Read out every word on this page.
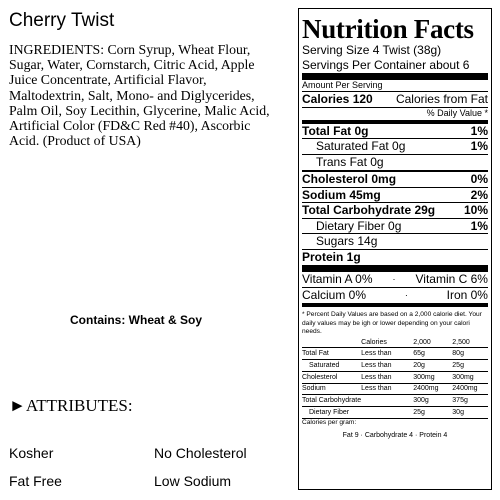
Cherry Twist

INGREDIENTS: Corn Syrup, Wheat Flour, Sugar, Water, Cornstarch, Citric Acid, Apple Juice Concentrate, Artificial Flavor, Maltodextrin, Salt, Mono- and Diglycerides, Palm Oil, Soy Lecithin, Glycerine, Malic Acid, Artificial Color (FD&C Red #40), Ascorbic Acid. (Product of USA)

Contains: Wheat & Soy
►ATTRIBUTES:
Kosher	No Cholesterol
Fat Free	Low Sodium
Nutrition Facts
Serving Size 4 Twist (38g)
Servings Per Container about 6
Amount Per Serving
Calories 120 Calories from Fat
% Daily Value *
Total Fat 0g	1%
Saturated Fat 0g	1%
Trans Fat 0g
Cholesterol 0mg	0%
Sodium 45mg	2%
Total Carbohydrate 29g 10%
Dietary Fiber 0g	1%
Sugars 14g
Protein 1g
Vitamin A 0% · Vitamin C 6%
Calcium 0%	·	Iron 0%
* Percent Daily Values are based on a 2,000 calorie diet. Your daily values may be igh or lower depending on your calori needs.
	Calories	2,000	2,500
Total Fat	Less than	65g	80g
Saturated	Less than	20g	25g
Cholesterol	Less than	300mg	300mg
Sodium	Less than	2400mg	2400mg
Total Carbohydrate		300g	375g
Dietary Fiber		25g	30g
Calories per gram:
Fat 9 · Carbohydrate 4 · Protein 4
